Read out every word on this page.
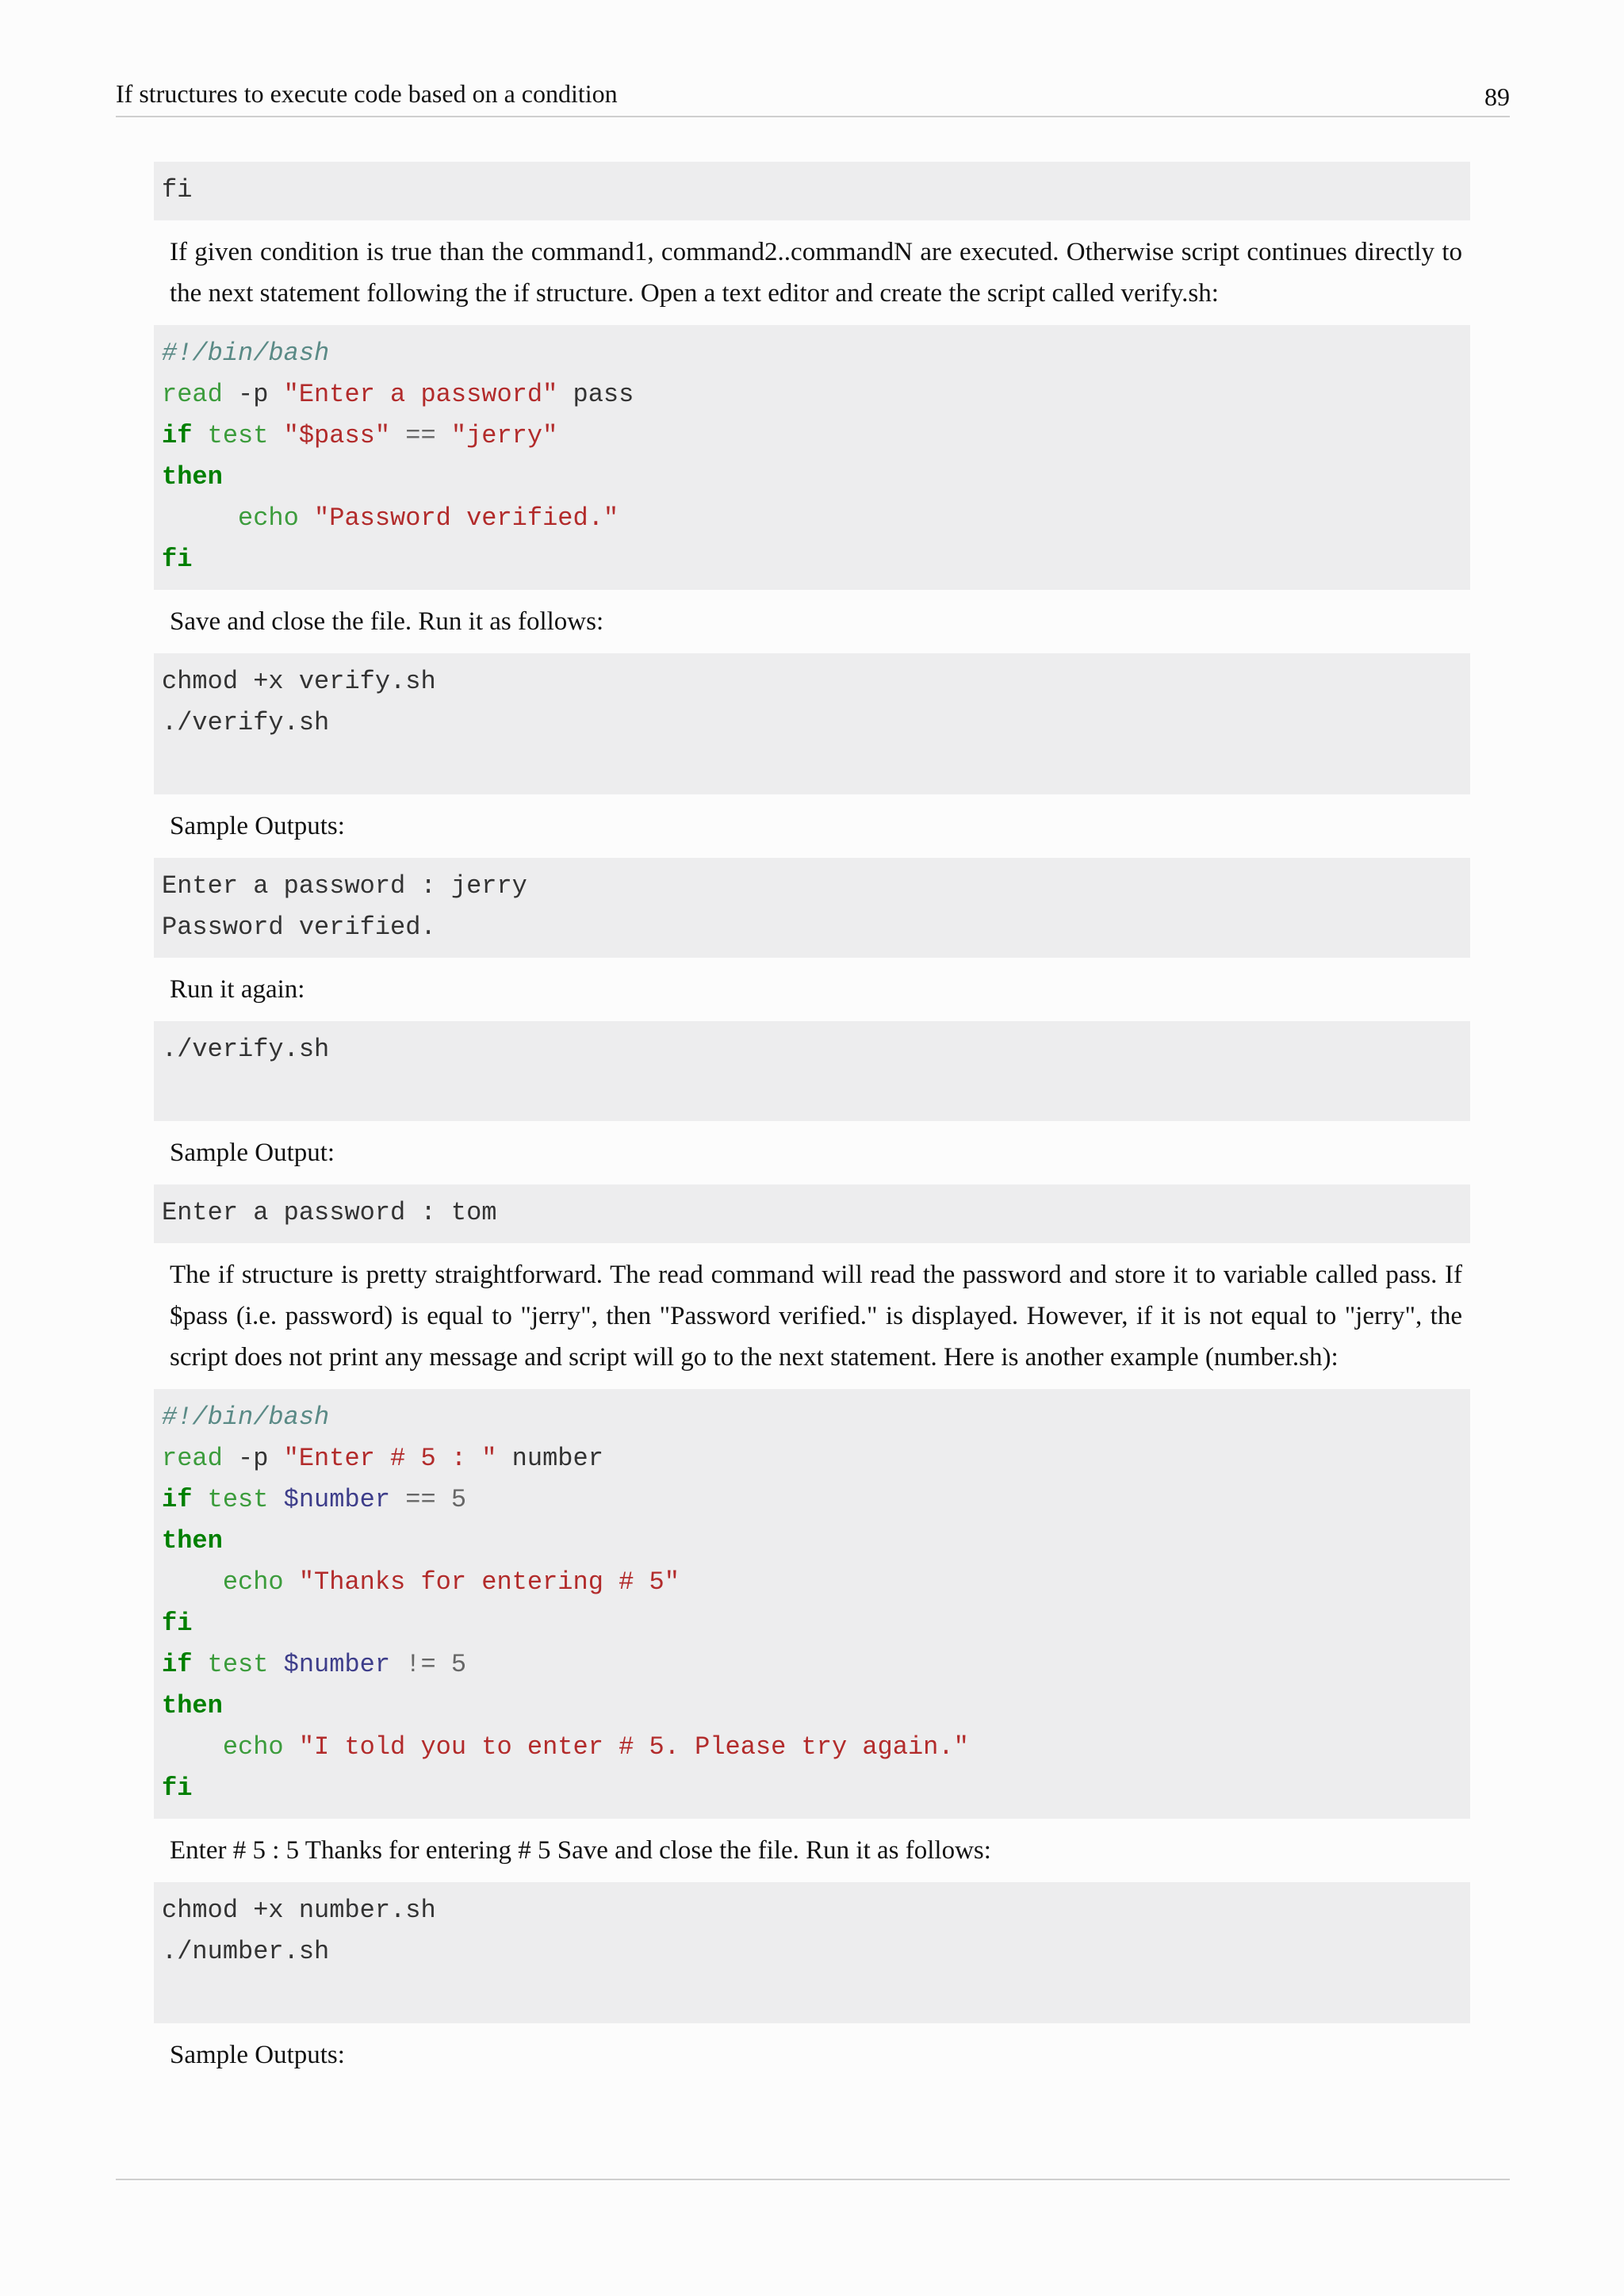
If structures to execute code based on a condition	89
fi

If given condition is true than the command1, command2..commandN are executed. Otherwise script continues directly to the next statement following the if structure. Open a text editor and create the script called verify.sh:

#!/bin/bash
read -p "Enter a password" pass
if test "$pass" == "jerry"
then
echo "Password verified."
fi

Save and close the file. Run it as follows:

chmod +x verify.sh
./verify.sh

Sample Outputs:

Enter a password : jerry
Password verified.

Run it again:

./verify.sh

Sample Output:

Enter a password : tom

The if structure is pretty straightforward. The read command will read the password and store it to variable called pass. If $pass (i.e. password) is equal to "jerry", then "Password verified." is displayed. However, if it is not equal to "jerry", the script does not print any message and script will go to the next statement. Here is another example (number.sh):

#!/bin/bash
read -p "Enter # 5 : " number
if test $number == 5
then
echo "Thanks for entering # 5"
fi
if test $number != 5
then
echo "I told you to enter # 5. Please try again."
fi

Enter # 5 : 5 Thanks for entering # 5 Save and close the file. Run it as follows:

chmod +x number.sh
./number.sh

Sample Outputs:
